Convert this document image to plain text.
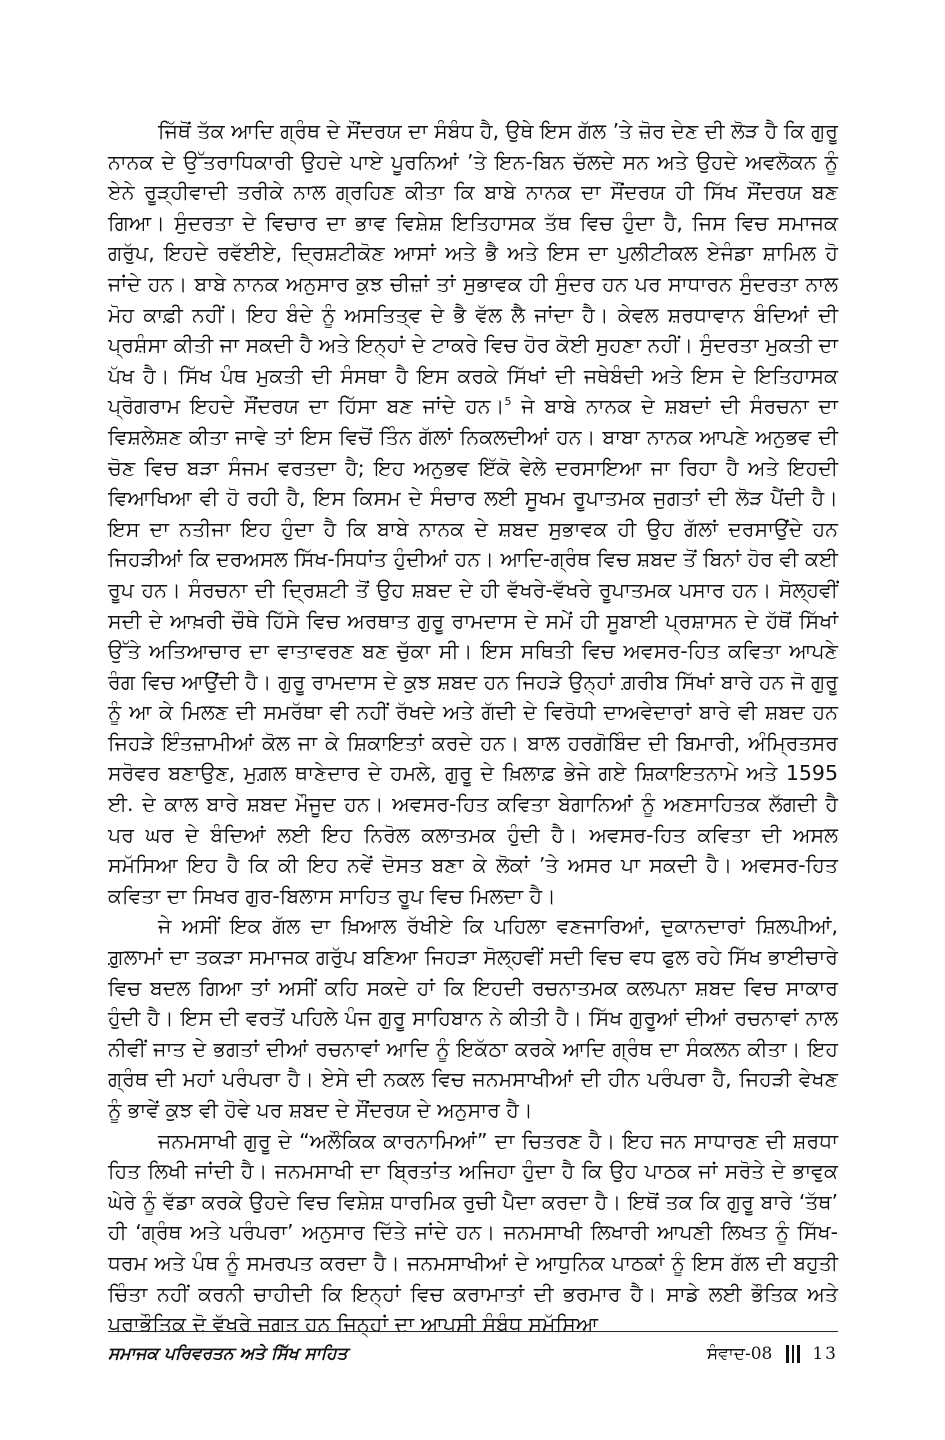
ਜਿੱਥੋਂ ਤੱਕ ਆਦਿ ਗ੍ਰੰਥ ਦੇ ਸੌਂਦਰਯ ਦਾ ਸੰਬੰਧ ਹੈ, ਉਥੇ ਇਸ ਗੱਲ ’ਤੇ ਜ਼ੋਰ ਦੇਣ ਦੀ ਲੋੜ ਹੈ ਕਿ ਗੁਰੂ ਨਾਨਕ ਦੇ ਉੱਤਰਾਧਿਕਾਰੀ ਉਹਦੇ ਪਾਏ ਪੂਰਨਿਆਂ ’ਤੇ ਇਨ-ਬਿਨ ਚੱਲਦੇ ਸਨ ਅਤੇ ਉਹਦੇ ਅਵਲੋਕਨ ਨੂੰ ਏਨੇ ਰੂੜ੍ਹੀਵਾਦੀ ਤਰੀਕੇ ਨਾਲ ਗ੍ਰਹਿਣ ਕੀਤਾ ਕਿ ਬਾਬੇ ਨਾਨਕ ਦਾ ਸੌਂਦਰਯ ਹੀ ਸਿੱਖ ਸੌਂਦਰਯ ਬਣ ਗਿਆ। ਸੁੰਦਰਤਾ ਦੇ ਵਿਚਾਰ ਦਾ ਭਾਵ ਵਿਸ਼ੇਸ਼ ਇਤਿਹਾਸਕ ਤੱਥ ਵਿਚ ਹੁੰਦਾ ਹੈ, ਜਿਸ ਵਿਚ ਸਮਾਜਕ ਗਰੁੱਪ, ਇਹਦੇ ਰਵੱਈਏ, ਦ੍ਰਿਸ਼ਟੀਕੋਣ ਆਸਾਂ ਅਤੇ ਭੈ ਅਤੇ ਇਸ ਦਾ ਪੁਲੀਟੀਕਲ ਏਜੰਡਾ ਸ਼ਾਮਿਲ ਹੋ ਜਾਂਦੇ ਹਨ। ਬਾਬੇ ਨਾਨਕ ਅਨੁਸਾਰ ਕੁਝ ਚੀਜ਼ਾਂ ਤਾਂ ਸੁਭਾਵਕ ਹੀ ਸੁੰਦਰ ਹਨ ਪਰ ਸਾਧਾਰਨ ਸੁੰਦਰਤਾ ਨਾਲ ਮੋਹ ਕਾਫ਼ੀ ਨਹੀਂ। ਇਹ ਬੰਦੇ ਨੂੰ ਅਸਤਿਤ੍ਵ ਦੇ ਭੈ ਵੱਲ ਲੈ ਜਾਂਦਾ ਹੈ। ਕੇਵਲ ਸ਼ਰਧਾਵਾਨ ਬੰਦਿਆਂ ਦੀ ਪ੍ਰਸ਼ੰਸਾ ਕੀਤੀ ਜਾ ਸਕਦੀ ਹੈ ਅਤੇ ਇਨ੍ਹਾਂ ਦੇ ਟਾਕਰੇ ਵਿਚ ਹੋਰ ਕੋਈ ਸੁਹਣਾ ਨਹੀਂ। ਸੁੰਦਰਤਾ ਮੁਕਤੀ ਦਾ ਪੱਖ ਹੈ। ਸਿੱਖ ਪੰਥ ਮੁਕਤੀ ਦੀ ਸੰਸਥਾ ਹੈ ਇਸ ਕਰਕੇ ਸਿੱਖਾਂ ਦੀ ਜਥੇਬੰਦੀ ਅਤੇ ਇਸ ਦੇ ਇਤਿਹਾਸਕ ਪ੍ਰੋਗਰਾਮ ਇਹਦੇ ਸੌਂਦਰਯ ਦਾ ਹਿੱਸਾ ਬਣ ਜਾਂਦੇ ਹਨ।$^5$ ਜੇ ਬਾਬੇ ਨਾਨਕ ਦੇ ਸ਼ਬਦਾਂ ਦੀ ਸੰਰਚਨਾ ਦਾ ਵਿਸ਼ਲੇਸ਼ਣ ਕੀਤਾ ਜਾਵੇ ਤਾਂ ਇਸ ਵਿਚੋਂ ਤਿੰਨ ਗੱਲਾਂ ਨਿਕਲਦੀਆਂ ਹਨ। ਬਾਬਾ ਨਾਨਕ ਆਪਣੇ ਅਨੁਭਵ ਦੀ ਚੋਣ ਵਿਚ ਬੜਾ ਸੰਜਮ ਵਰਤਦਾ ਹੈ; ਇਹ ਅਨੁਭਵ ਇੱਕੋ ਵੇਲੇ ਦਰਸਾਇਆ ਜਾ ਰਿਹਾ ਹੈ ਅਤੇ ਇਹਦੀ ਵਿਆਖਿਆ ਵੀ ਹੋ ਰਹੀ ਹੈ, ਇਸ ਕਿਸਮ ਦੇ ਸੰਚਾਰ ਲਈ ਸੂਖਮ ਰੂਪਾਤਮਕ ਜੁਗਤਾਂ ਦੀ ਲੋੜ ਪੈਂਦੀ ਹੈ। ਇਸ ਦਾ ਨਤੀਜਾ ਇਹ ਹੁੰਦਾ ਹੈ ਕਿ ਬਾਬੇ ਨਾਨਕ ਦੇ ਸ਼ਬਦ ਸੁਭਾਵਕ ਹੀ ਉਹ ਗੱਲਾਂ ਦਰਸਾਉਂਦੇ ਹਨ ਜਿਹੜੀਆਂ ਕਿ ਦਰਅਸਲ ਸਿੱਖ-ਸਿਧਾਂਤ ਹੁੰਦੀਆਂ ਹਨ। ਆਦਿ-ਗ੍ਰੰਥ ਵਿਚ ਸ਼ਬਦ ਤੋਂ ਬਿਨਾਂ ਹੋਰ ਵੀ ਕਈ ਰੂਪ ਹਨ। ਸੰਰਚਨਾ ਦੀ ਦ੍ਰਿਸ਼ਟੀ ਤੋਂ ਉਹ ਸ਼ਬਦ ਦੇ ਹੀ ਵੱਖਰੇ-ਵੱਖਰੇ ਰੂਪਾਤਮਕ ਪਸਾਰ ਹਨ। ਸੋਲ੍ਹਵੀਂ ਸਦੀ ਦੇ ਆਖ਼ਰੀ ਚੌਥੇ ਹਿੱਸੇ ਵਿਚ ਅਰਥਾਤ ਗੁਰੂ ਰਾਮਦਾਸ ਦੇ ਸਮੇਂ ਹੀ ਸੂਬਾਈ ਪ੍ਰਸ਼ਾਸਨ ਦੇ ਹੱਥੋਂ ਸਿੱਖਾਂ ਉੱਤੇ ਅਤਿਆਚਾਰ ਦਾ ਵਾਤਾਵਰਣ ਬਣ ਚੁੱਕਾ ਸੀ। ਇਸ ਸਥਿਤੀ ਵਿਚ ਅਵਸਰ-ਹਿਤ ਕਵਿਤਾ ਆਪਣੇ ਰੰਗ ਵਿਚ ਆਉਂਦੀ ਹੈ। ਗੁਰੂ ਰਾਮਦਾਸ ਦੇ ਕੁਝ ਸ਼ਬਦ ਹਨ ਜਿਹੜੇ ਉਨ੍ਹਾਂ ਗ਼ਰੀਬ ਸਿੱਖਾਂ ਬਾਰੇ ਹਨ ਜੋ ਗੁਰੂ ਨੂੰ ਆ ਕੇ ਮਿਲਣ ਦੀ ਸਮਰੱਥਾ ਵੀ ਨਹੀਂ ਰੱਖਦੇ ਅਤੇ ਗੱਦੀ ਦੇ ਵਿਰੋਧੀ ਦਾਅਵੇਦਾਰਾਂ ਬਾਰੇ ਵੀ ਸ਼ਬਦ ਹਨ ਜਿਹੜੇ ਇੰਤਜ਼ਾਮੀਆਂ ਕੋਲ ਜਾ ਕੇ ਸ਼ਿਕਾਇਤਾਂ ਕਰਦੇ ਹਨ। ਬਾਲ ਹਰਗੋਬਿੰਦ ਦੀ ਬਿਮਾਰੀ, ਅੰਮ੍ਰਿਤਸਰ ਸਰੋਵਰ ਬਣਾਉਣ, ਮੁਗ਼ਲ ਥਾਣੇਦਾਰ ਦੇ ਹਮਲੇ, ਗੁਰੂ ਦੇ ਖ਼ਿਲਾਫ਼ ਭੇਜੇ ਗਏ ਸ਼ਿਕਾਇਤਨਾਮੇ ਅਤੇ 1595 ਈ. ਦੇ ਕਾਲ ਬਾਰੇ ਸ਼ਬਦ ਮੌਜੂਦ ਹਨ। ਅਵਸਰ-ਹਿਤ ਕਵਿਤਾ ਬੇਗਾਨਿਆਂ ਨੂੰ ਅਣਸਾਹਿਤਕ ਲੱਗਦੀ ਹੈ ਪਰ ਘਰ ਦੇ ਬੰਦਿਆਂ ਲਈ ਇਹ ਨਿਰੋਲ ਕਲਾਤਮਕ ਹੁੰਦੀ ਹੈ। ਅਵਸਰ-ਹਿਤ ਕਵਿਤਾ ਦੀ ਅਸਲ ਸਮੱਸਿਆ ਇਹ ਹੈ ਕਿ ਕੀ ਇਹ ਨਵੇਂ ਦੋਸਤ ਬਣਾ ਕੇ ਲੋਕਾਂ ’ਤੇ ਅਸਰ ਪਾ ਸਕਦੀ ਹੈ। ਅਵਸਰ-ਹਿਤ ਕਵਿਤਾ ਦਾ ਸਿਖਰ ਗੁਰ-ਬਿਲਾਸ ਸਾਹਿਤ ਰੂਪ ਵਿਚ ਮਿਲਦਾ ਹੈ।

ਜੇ ਅਸੀਂ ਇਕ ਗੱਲ ਦਾ ਖ਼ਿਆਲ ਰੱਖੀਏ ਕਿ ਪਹਿਲਾ ਵਣਜਾਰਿਆਂ, ਦੁਕਾਨਦਾਰਾਂ ਸ਼ਿਲਪੀਆਂ, ਗ਼ੁਲਾਮਾਂ ਦਾ ਤਕੜਾ ਸਮਾਜਕ ਗਰੁੱਪ ਬਣਿਆ ਜਿਹੜਾ ਸੋਲ੍ਹਵੀਂ ਸਦੀ ਵਿਚ ਵਧ ਫੁਲ ਰਹੇ ਸਿੱਖ ਭਾਈਚਾਰੇ ਵਿਚ ਬਦਲ ਗਿਆ ਤਾਂ ਅਸੀਂ ਕਹਿ ਸਕਦੇ ਹਾਂ ਕਿ ਇਹਦੀ ਰਚਨਾਤਮਕ ਕਲਪਨਾ ਸ਼ਬਦ ਵਿਚ ਸਾਕਾਰ ਹੁੰਦੀ ਹੈ। ਇਸ ਦੀ ਵਰਤੋਂ ਪਹਿਲੇ ਪੰਜ ਗੁਰੂ ਸਾਹਿਬਾਨ ਨੇ ਕੀਤੀ ਹੈ। ਸਿੱਖ ਗੁਰੂਆਂ ਦੀਆਂ ਰਚਨਾਵਾਂ ਨਾਲ ਨੀਵੀਂ ਜਾਤ ਦੇ ਭਗਤਾਂ ਦੀਆਂ ਰਚਨਾਵਾਂ ਆਦਿ ਨੂੰ ਇਕੱਠਾ ਕਰਕੇ ਆਦਿ ਗ੍ਰੰਥ ਦਾ ਸੰਕਲਨ ਕੀਤਾ। ਇਹ ਗ੍ਰੰਥ ਦੀ ਮਹਾਂ ਪਰੰਪਰਾ ਹੈ। ਏਸੇ ਦੀ ਨਕਲ ਵਿਚ ਜਨਮਸਾਖੀਆਂ ਦੀ ਹੀਨ ਪਰੰਪਰਾ ਹੈ, ਜਿਹੜੀ ਵੇਖਣ ਨੂੰ ਭਾਵੇਂ ਕੁਝ ਵੀ ਹੋਵੇ ਪਰ ਸ਼ਬਦ ਦੇ ਸੌਂਦਰਯ ਦੇ ਅਨੁਸਾਰ ਹੈ।

ਜਨਮਸਾਖੀ ਗੁਰੂ ਦੇ “ਅਲੌਕਿਕ ਕਾਰਨਾਮਿਆਂ” ਦਾ ਚਿਤਰਣ ਹੈ। ਇਹ ਜਨ ਸਾਧਾਰਣ ਦੀ ਸ਼ਰਧਾ ਹਿਤ ਲਿਖੀ ਜਾਂਦੀ ਹੈ। ਜਨਮਸਾਖੀ ਦਾ ਬ੍ਰਿਤਾਂਤ ਅਜਿਹਾ ਹੁੰਦਾ ਹੈ ਕਿ ਉਹ ਪਾਠਕ ਜਾਂ ਸਰੋਤੇ ਦੇ ਭਾਵੁਕ ਘੇਰੇ ਨੂੰ ਵੱਡਾ ਕਰਕੇ ਉਹਦੇ ਵਿਚ ਵਿਸ਼ੇਸ਼ ਧਾਰਮਿਕ ਰੁਚੀ ਪੈਦਾ ਕਰਦਾ ਹੈ। ਇਥੋਂ ਤਕ ਕਿ ਗੁਰੂ ਬਾਰੇ ‘ਤੱਥ’ ਹੀ ‘ਗ੍ਰੰਥ ਅਤੇ ਪਰੰਪਰਾ’ ਅਨੁਸਾਰ ਦਿੱਤੇ ਜਾਂਦੇ ਹਨ। ਜਨਮਸਾਖੀ ਲਿਖਾਰੀ ਆਪਣੀ ਲਿਖਤ ਨੂੰ ਸਿੱਖ-ਧਰਮ ਅਤੇ ਪੰਥ ਨੂੰ ਸਮਰਪਤ ਕਰਦਾ ਹੈ। ਜਨਮਸਾਖੀਆਂ ਦੇ ਆਧੁਨਿਕ ਪਾਠਕਾਂ ਨੂੰ ਇਸ ਗੱਲ ਦੀ ਬਹੁਤੀ ਚਿੰਤਾ ਨਹੀਂ ਕਰਨੀ ਚਾਹੀਦੀ ਕਿ ਇਨ੍ਹਾਂ ਵਿਚ ਕਰਾਮਾਤਾਂ ਦੀ ਭਰਮਾਰ ਹੈ। ਸਾਡੇ ਲਈ ਭੌਤਿਕ ਅਤੇ ਪਰਾਭੌਤਿਕ ਦੋ ਵੱਖਰੇ ਜਗਤ ਹਨ ਜਿਨ੍ਹਾਂ ਦਾ ਆਪਸੀ ਸੰਬੰਧ ਸਮੱਸਿਆ

ਸਮਾਜਕ ਪਰਿਵਰਤਨ ਅਤੇ ਸਿੱਖ ਸਾਹਿਤ	ਸੰਵਾਦ-08 13
